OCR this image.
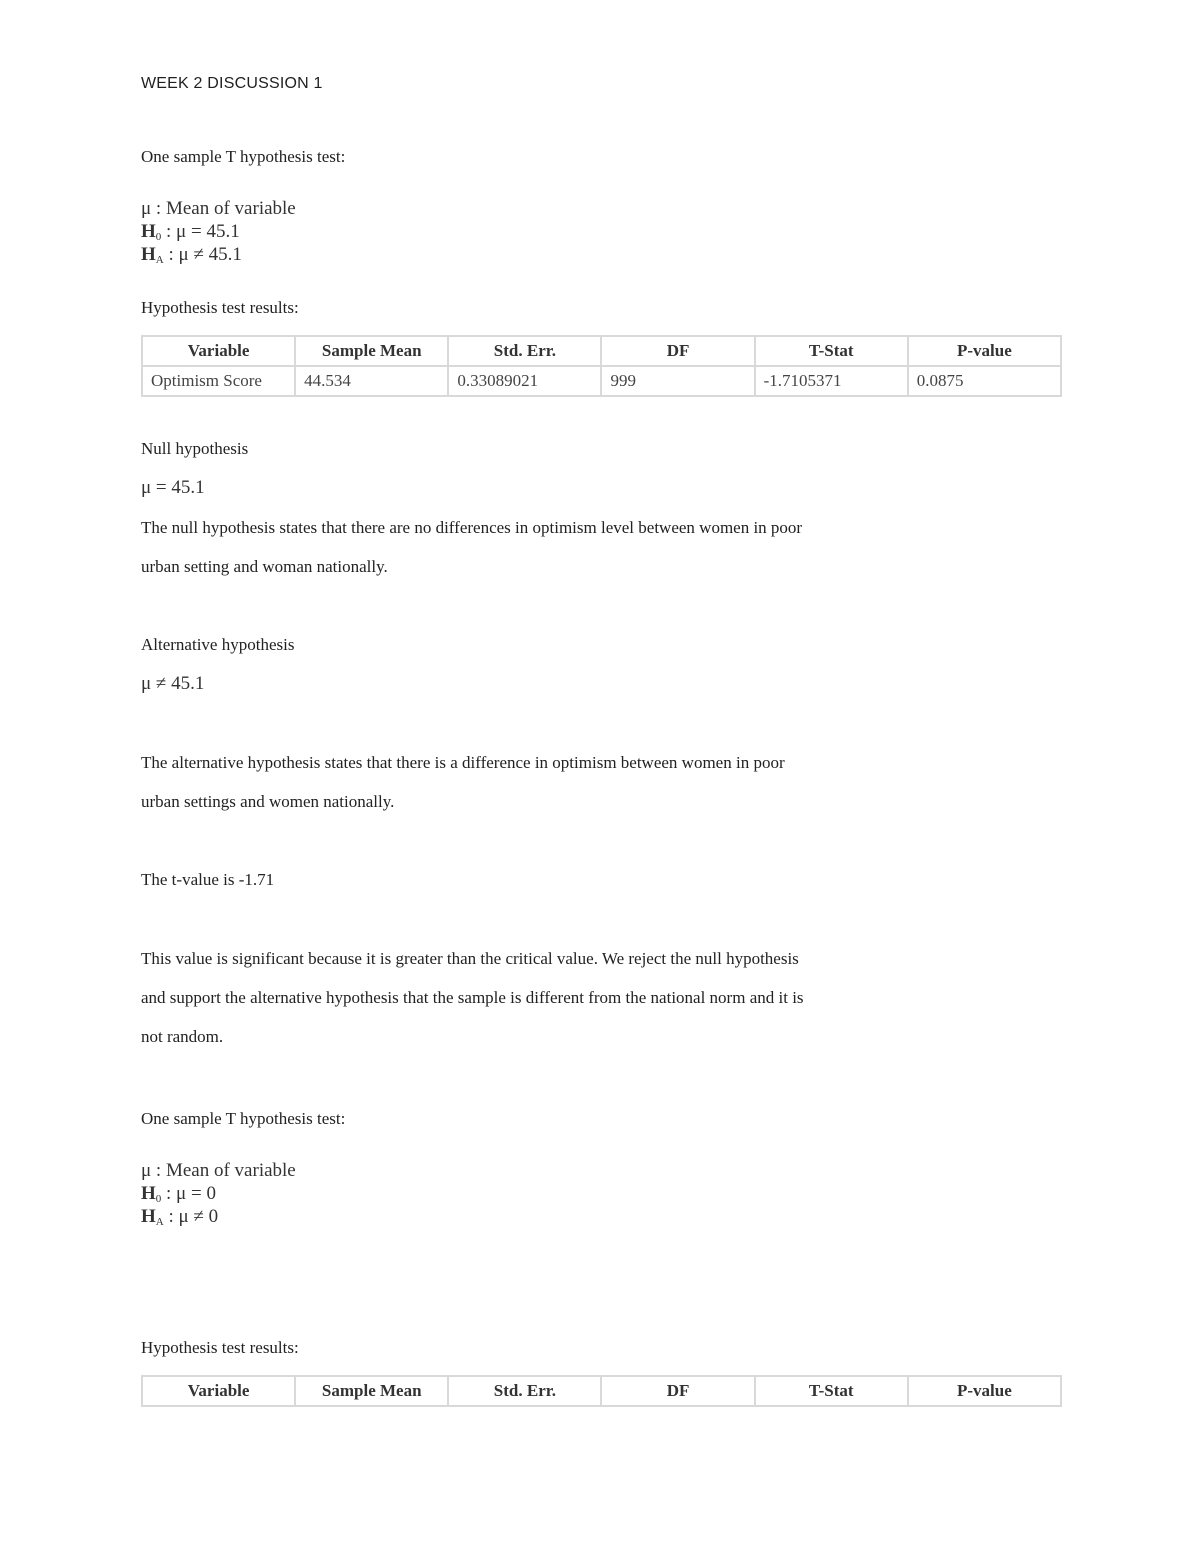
WEEK 2 DISCUSSION 1
One sample T hypothesis test:
μ : Mean of variable
$H_0$ : μ = 45.1
$H_A$ : μ ≠ 45.1
Hypothesis test results:
Variable	Sample Mean	Std. Err.	DF	T-Stat	P-value
Optimism Score	44.534	0.33089021	999	-1.7105371	0.0875
Null hypothesis
μ = 45.1
The null hypothesis states that there are no differences in optimism level between women in poor
urban setting and woman nationally.
Alternative hypothesis
μ ≠ 45.1
The alternative hypothesis states that there is a difference in optimism between women in poor
urban settings and women nationally.
The t-value is -1.71
This value is significant because it is greater than the critical value. We reject the null hypothesis
and support the alternative hypothesis that the sample is different from the national norm and it is
not random.
One sample T hypothesis test:
μ : Mean of variable
$H_0$ : μ = 0
$H_A$ : μ ≠ 0
Hypothesis test results:
Variable	Sample Mean	Std. Err.	DF	T-Stat	P-value
